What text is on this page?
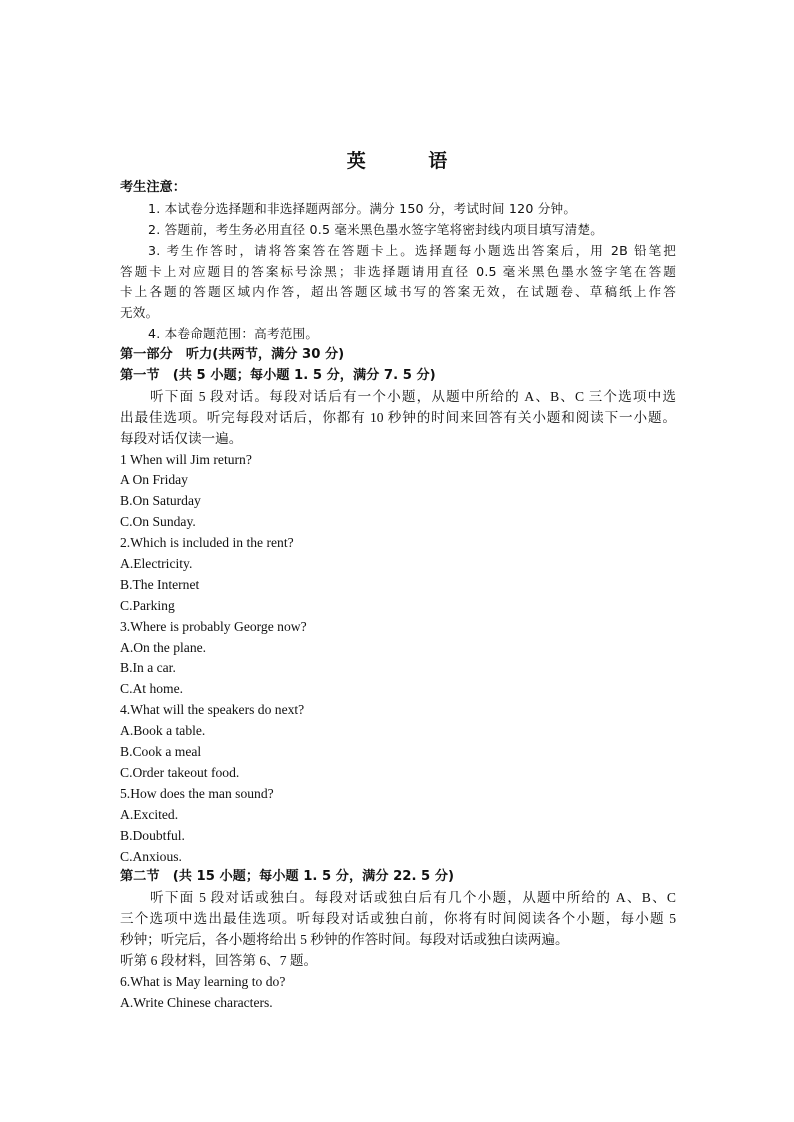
英 语
考生注意：
1. 本试卷分选择题和非选择题两部分。满分 150 分，考试时间 120 分钟。
2. 答题前，考生务必用直径 0.5 毫米黑色墨水签字笔将密封线内项目填写清楚。
3. 考生作答时，请将答案答在答题卡上。选择题每小题选出答案后，用 2B 铅笔把
答题卡上对应题目的答案标号涂黑；非选择题请用直径 0.5 毫米黑色墨水签字笔在答题
卡上各题的答题区域内作答，超出答题区域书写的答案无效，在试题卷、草稿纸上作答
无效。
4. 本卷命题范围：高考范围。
第一部分　听力(共两节，满分 30 分)
第一节　(共 5 小题；每小题 1. 5 分，满分 7. 5 分)
听下面 5 段对话。每段对话后有一个小题，从题中所给的 A、B、C 三个选项中选
出最佳选项。听完每段对话后，你都有 10 秒钟的时间来回答有关小题和阅读下一小题。
每段对话仅读一遍。
1 When will Jim return?
A On Friday
B.On Saturday
C.On Sunday.
2.Which is included in the rent?
A.Electricity.
B.The Internet
C.Parking
3.Where is probably George now?
A.On the plane.
B.In a car.
C.At home.
4.What will the speakers do next?
A.Book a table.
B.Cook a meal
C.Order takeout food.
5.How does the man sound?
A.Excited.
B.Doubtful.
C.Anxious.
第二节　(共 15 小题；每小题 1. 5 分，满分 22. 5 分)
听下面 5 段对话或独白。每段对话或独白后有几个小题，从题中所给的 A、B、C
三个选项中选出最佳选项。听每段对话或独白前，你将有时间阅读各个小题，每小题 5
秒钟；听完后，各小题将给出 5 秒钟的作答时间。每段对话或独白读两遍。
听第 6 段材料，回答第 6、7 题。
6.What is May learning to do?
A.Write Chinese characters.
